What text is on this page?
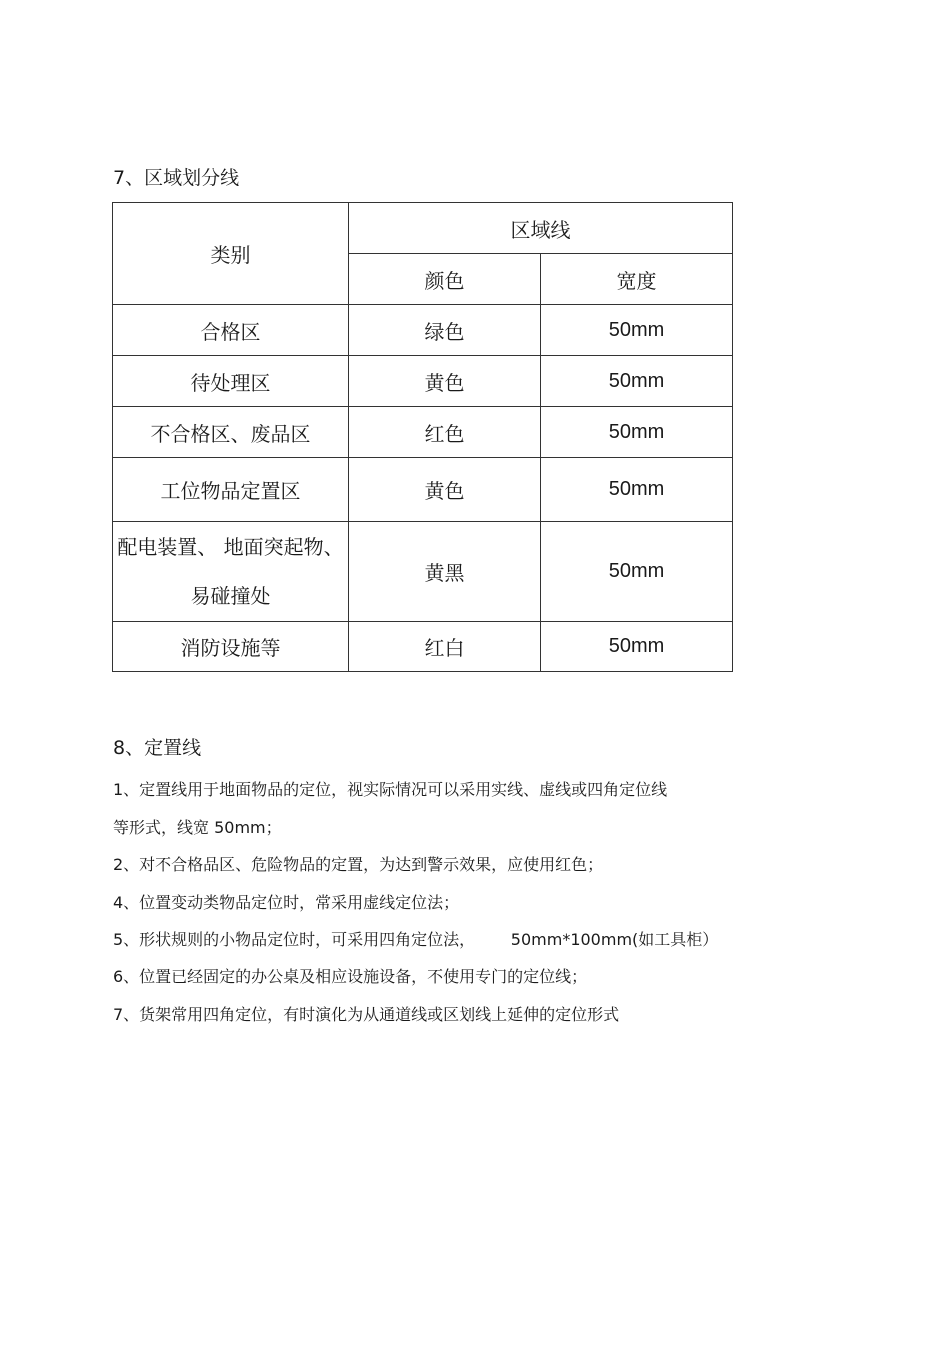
7、区域划分线
类别	区域线	
	颜色	宽度
合格区	绿色	50mm
待处理区	黄色	50mm
不合格区、废品区	红色	50mm
工位物品定置区	黄色	50mm

配电装置、 地面突起物、易碰撞处	黄黑	50mm
消防设施等	红白	50mm
8、定置线
1、定置线用于地面物品的定位，视实际情况可以采用实线、虚线或四角定位线
等形式，线宽 50mm；
2、对不合格品区、危险物品的定置，为达到警示效果，应使用红色；
4、位置变动类物品定位时，常采用虚线定位法；
5、形状规则的小物品定位时，可采用四角定位法，       50mm*100mm(如工具柜）
6、位置已经固定的办公桌及相应设施设备，不使用专门的定位线；
7、货架常用四角定位，有时演化为从通道线或区划线上延伸的定位形式
